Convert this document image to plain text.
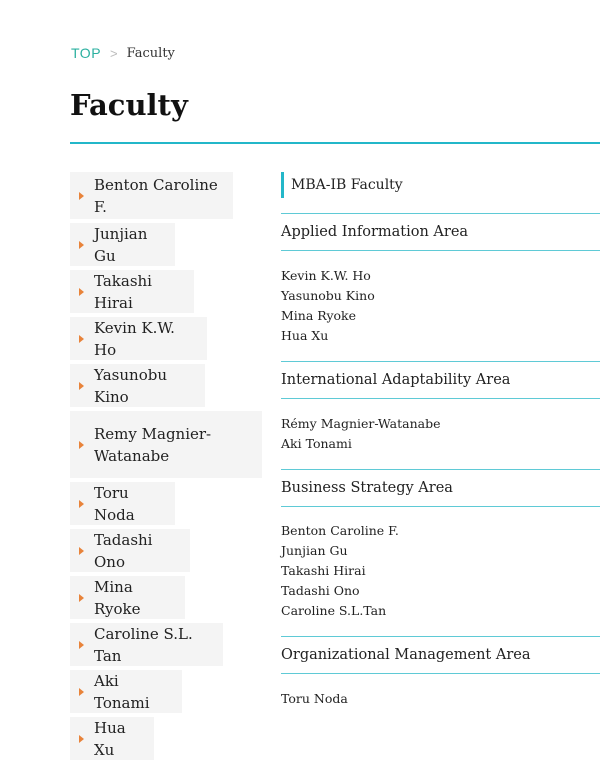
TOP > Faculty
Faculty
Benton Caroline F.
Junjian Gu
Takashi Hirai
Kevin K.W. Ho
Yasunobu Kino
Remy Magnier-Watanabe
Toru Noda
Tadashi Ono
Mina Ryoke
Caroline S.L. Tan
Aki Tonami
Hua Xu
MBA-IB Faculty
Applied Information Area
Kevin K.W. Ho
Yasunobu Kino
Mina Ryoke
Hua Xu
International Adaptability Area
Rémy Magnier-Watanabe
Aki Tonami
Business Strategy Area
Benton Caroline F.
Junjian Gu
Takashi Hirai
Tadashi Ono
Caroline S.L.Tan
Organizational Management Area
Toru Noda
